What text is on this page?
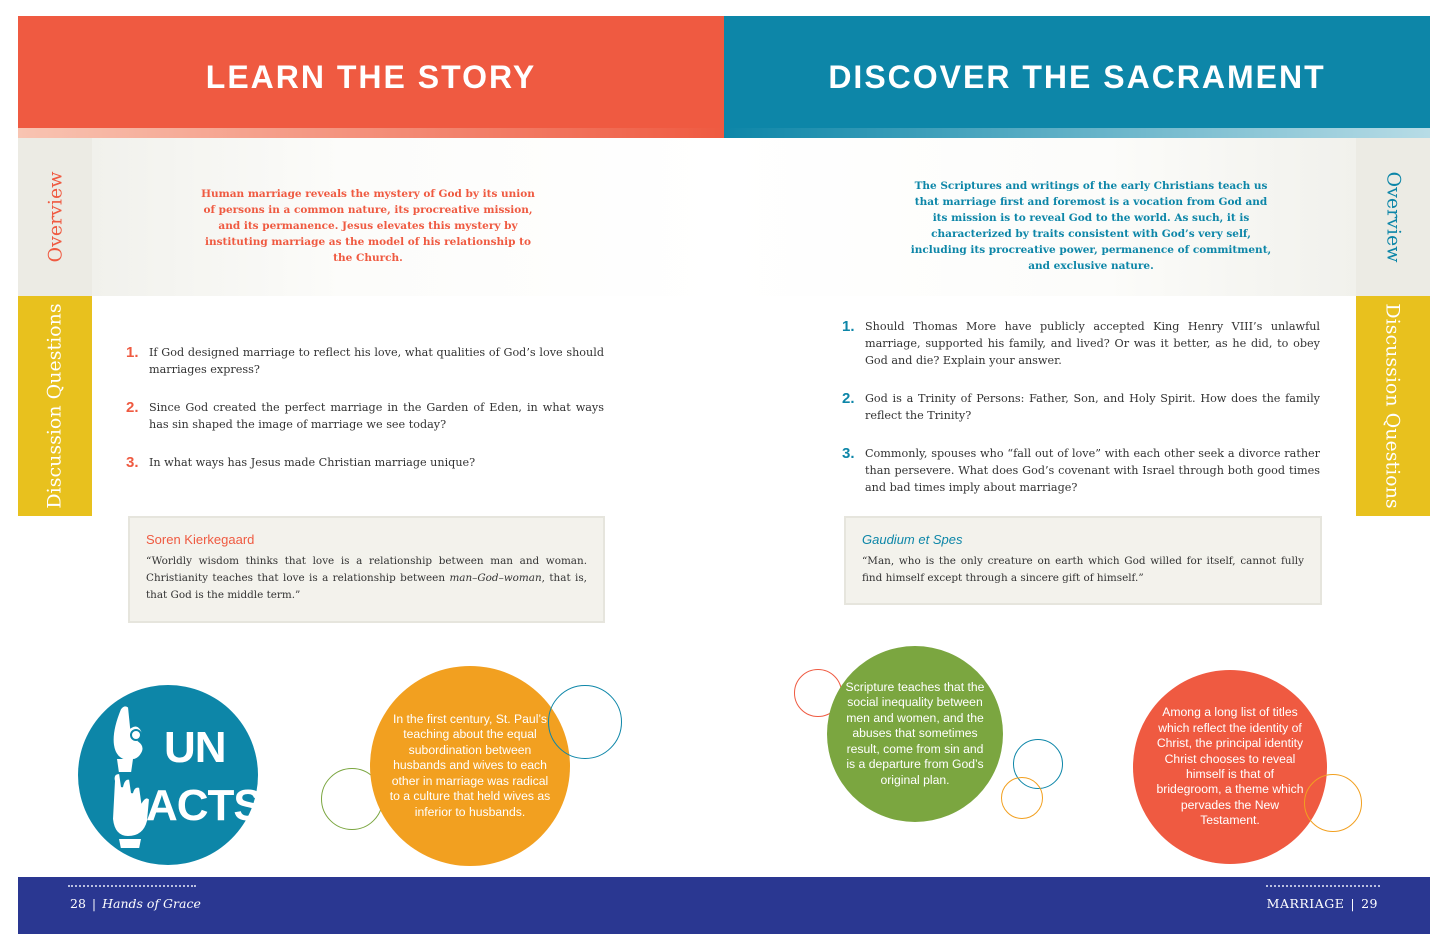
LEARN THE STORY	DISCOVER THE SACRAMENT
Overview	Overview
Discussion Questions	Discussion Questions

Human marriage reveals the mystery of God by its union of persons in a common nature, its procreative mission, and its permanence. Jesus elevates this mystery by instituting marriage as the model of his relationship to the Church.

The Scriptures and writings of the early Christians teach us that marriage first and foremost is a vocation from God and its mission is to reveal God to the world. As such, it is characterized by traits consistent with God’s very self, including its procreative power, permanence of commitment, and exclusive nature.

1. If God designed marriage to reflect his love, what qualities of God’s love should marriages express?

2. Since God created the perfect marriage in the Garden of Eden, in what ways has sin shaped the image of marriage we see today?

3. In what ways has Jesus made Christian marriage unique?

1. Should Thomas More have publicly accepted King Henry VIII’s unlawful marriage, supported his family, and lived? Or was it better, as he did, to obey God and die? Explain your answer.

2. God is a Trinity of Persons: Father, Son, and Holy Spirit. How does the family reflect the Trinity?

3. Commonly, spouses who “fall out of love” with each other seek a divorce rather than persevere. What does God’s covenant with Israel through both good times and bad times imply about marriage?

Soren Kierkegaard

“Worldly wisdom thinks that love is a relationship between man and woman. Christianity teaches that love is a relationship between man–God–woman, that is, that God is the middle term.”

Gaudium et Spes

“Man, who is the only creature on earth which God willed for itself, cannot fully find himself except through a sincere gift of himself.”

UN
ACTS

In the first century, St. Paul’s teaching about the equal subordination between husbands and wives to each other in marriage was radical to a culture that held wives as inferior to husbands.

Scripture teaches that the social inequality between men and women, and the abuses that sometimes result, come from sin and is a departure from God’s original plan.

Among a long list of titles which reflect the identity of Christ, the principal identity Christ chooses to reveal himself is that of bridegroom, a theme which pervades the New Testament.

28 | Hands of Grace	MARRIAGE | 29
